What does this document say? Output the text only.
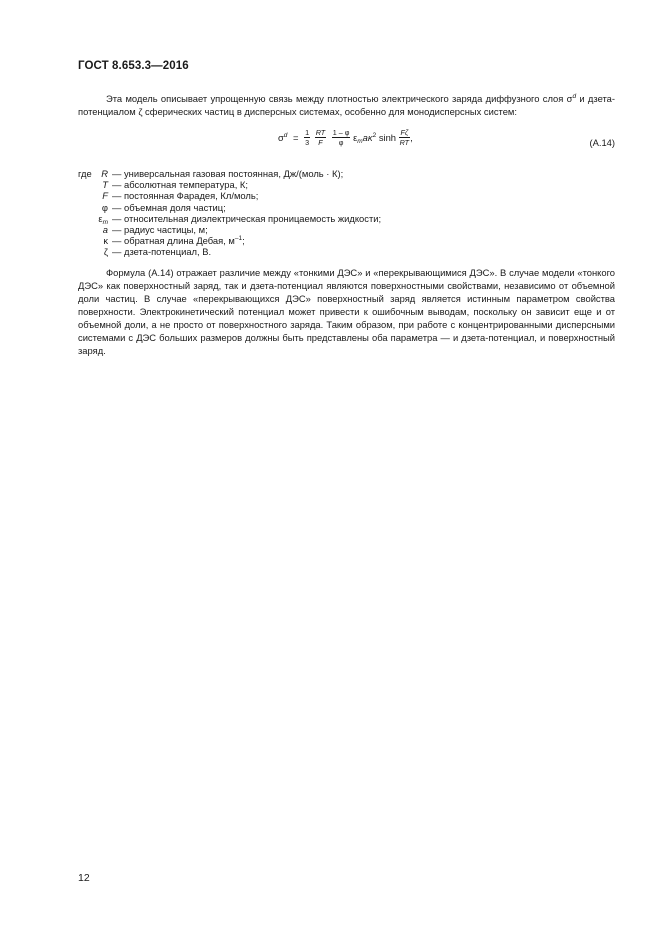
ГОСТ 8.653.3—2016
Эта модель описывает упрощенную связь между плотностью электрического заряда диффузного слоя $\sigma^d$ и дзета-потенциалом ζ сферических частиц в дисперсных системах, особенно для монодисперсных систем:
$\sigma^d = \frac{1}{3}$
$\frac{RT}{F}$
$\frac{1 - \varphi}{\varphi} \varepsilon_ma\kappa^2$ $\sinh \frac{F\zeta}{RT}$ ,	(А.14)
где	R — универсальная газовая постоянная, Дж/(моль · К);
T — абсолютная температура, К;
F — постоянная Фарадея, Кл/моль;
φ — объемная доля частиц;
$\varepsilon_m$ — относительная диэлектрическая проницаемость жидкости;
a — радиус частицы, м;
κ — обратная длина Дебая, $м^{-1}$;
ζ — дзета-потенциал, В.
Формула (А.14) отражает различие между «тонкими ДЭС» и «перекрывающимися ДЭС». В случае модели «тонкого ДЭС» как поверхностный заряд, так и дзета-потенциал являются поверхностными свойствами, независимо от объемной доли частиц. В случае «перекрывающихся ДЭС» поверхностный заряд является истинным параметром свойства поверхности. Электрокинетический потенциал может привести к ошибочным выводам, поскольку он зависит еще и от объемной доли, а не просто от поверхностного заряда. Таким образом, при работе с концентрированными дисперсными системами с ДЭС больших размеров должны быть представлены оба параметра — и дзета-потенциал, и поверхностный заряд.
12
